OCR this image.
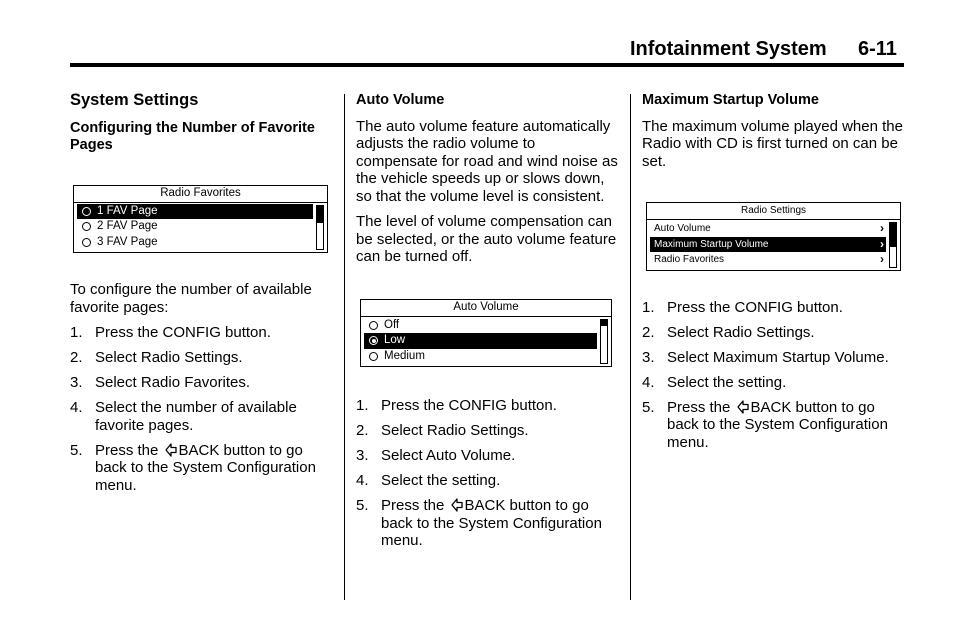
Infotainment System 6-11
System Settings
Configuring the Number of Favorite Pages
Radio Favorites
1 FAV Page
2 FAV Page
3 FAV Page

To configure the number of available favorite pages:

1. Press the CONFIG button.
2. Select Radio Settings.
3. Select Radio Favorites.
4. Select the number of available favorite pages.
5. Press the BACK button to go back to the System Configuration menu.
Auto Volume

The auto volume feature automatically adjusts the radio volume to compensate for road and wind noise as the vehicle speeds up or slows down, so that the volume level is consistent.

The level of volume compensation can be selected, or the auto volume feature can be turned off.

Auto Volume
Off
Low
Medium
1. Press the CONFIG button.
2. Select Radio Settings.
3. Select Auto Volume.
4. Select the setting.
5. Press the BACK button to go back to the System Configuration menu.
Maximum Startup Volume

The maximum volume played when the Radio with CD is first turned on can be set.

Radio Settings
Auto Volume	›
Maximum Startup Volume	›
Radio Favorites	›
1. Press the CONFIG button.
2. Select Radio Settings.
3. Select Maximum Startup Volume.
4. Select the setting.
5. Press the BACK button to go back to the System Configuration menu.
